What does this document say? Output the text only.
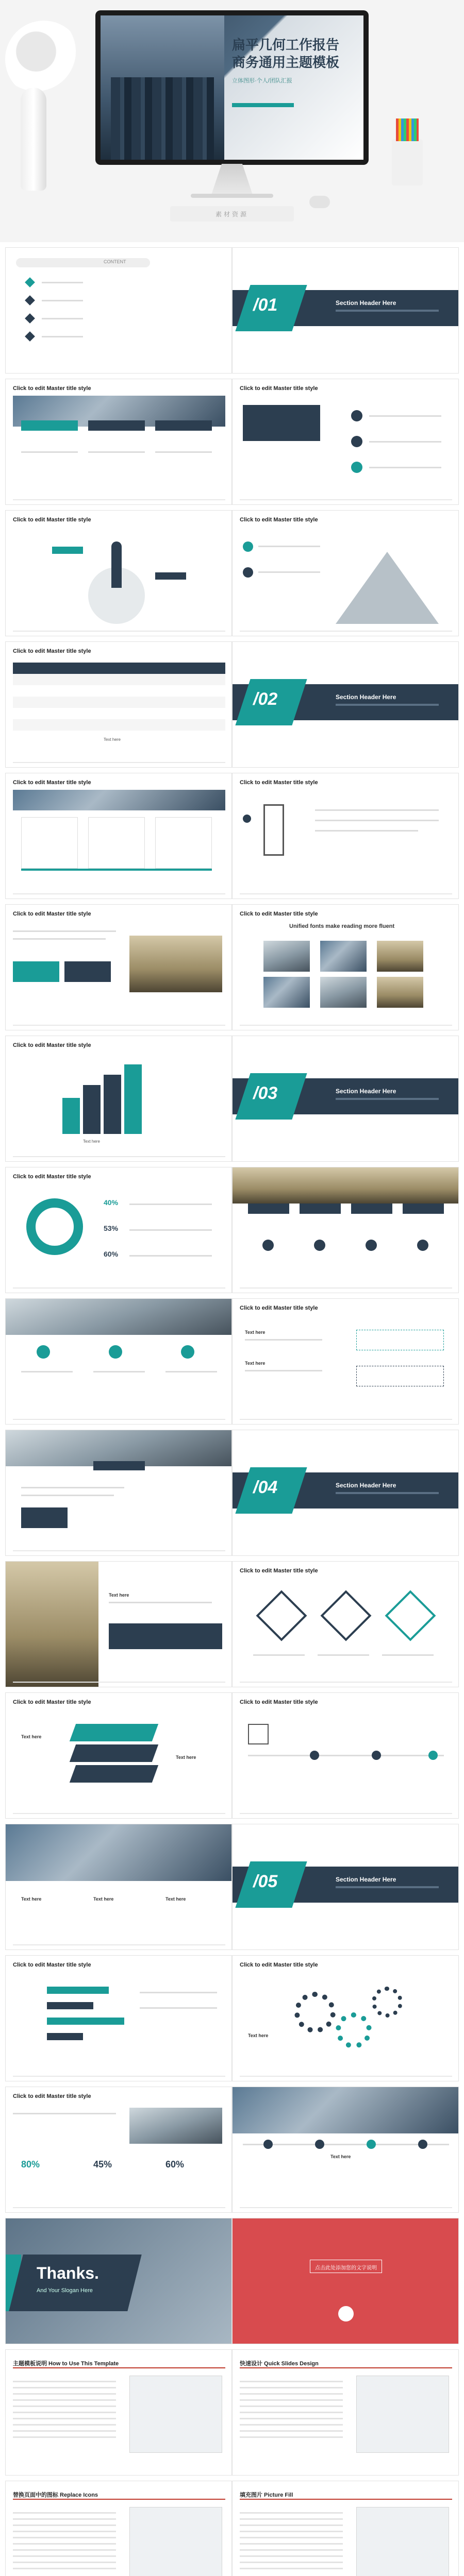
扁平几何工作报告
商务通用主题模板
立体图形·个人/团队汇报
素材资源
CONTENT
/01	Section Header Here
Click to edit Master title style	Click to edit Master title style
Click to edit Master title style	Click to edit Master title style
Click to edit Master title style
Text here
/02	Section Header Here
Click to edit Master title style	Click to edit Master title style
Click to edit Master title style	Click to edit Master title style
Unified fonts make reading more fluent
Click to edit Master title style
Text here
/03	Section Header Here
Click to edit Master title style
40%
53%
60%
Click to edit Master title style
Text here
Text here
/04	Section Header Here
Text here
Click to edit Master title style
Click to edit Master title style
Text here
Text here
Click to edit Master title style
Text here	Text here	Text here
/05	Section Header Here
Click to edit Master title style	Click to edit Master title style
Text here
Click to edit Master title style
80%	45%	60%
Text here
Thanks.
And Your Slogan Here
点击此处添加您的文字说明
主题模板说明 How to Use This Template	快速设计 Quick Slides Design
替换页面中的图标 Replace Icons	填充图片 Picture Fill
